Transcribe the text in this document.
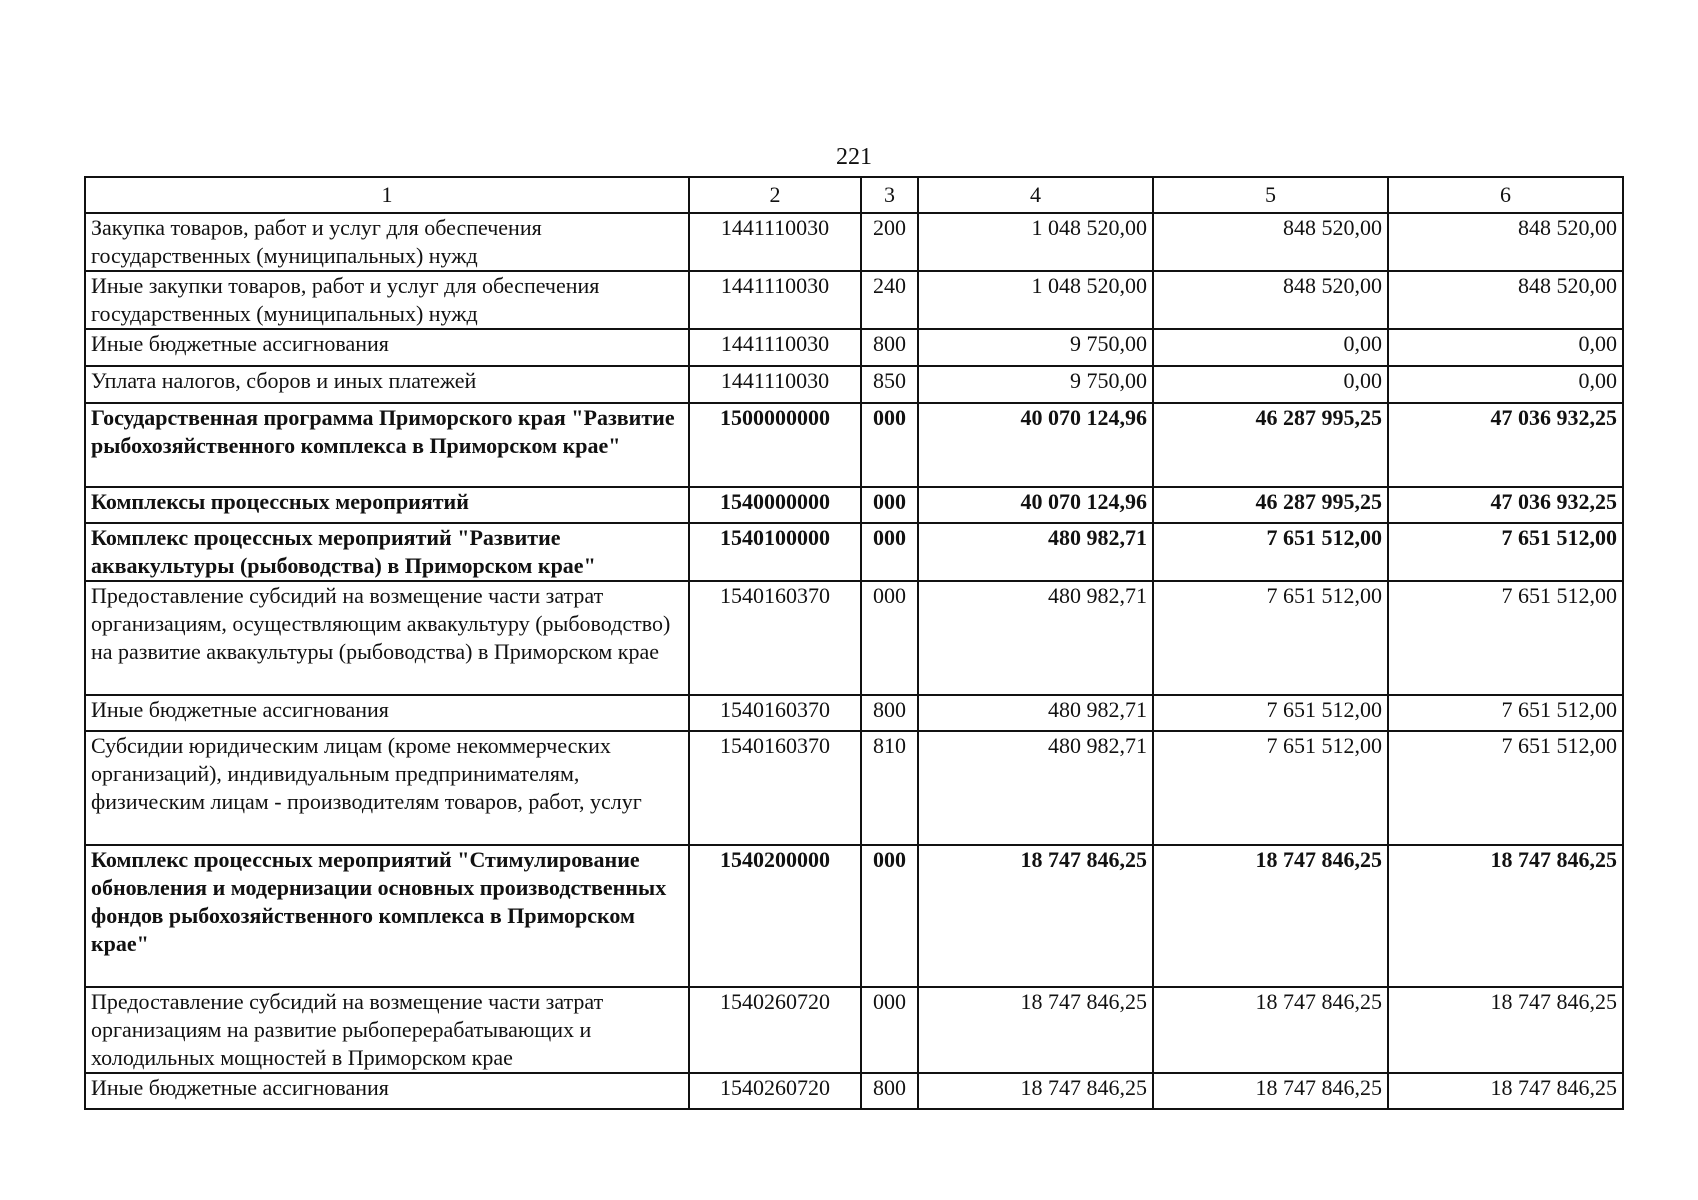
221
1	2	3	4	5	6
Закупка товаров, работ и услуг для обеспечения государственных (муниципальных) нужд	1441110030	200	1 048 520,00	848 520,00	848 520,00
Иные закупки товаров, работ и услуг для обеспечения государственных (муниципальных) нужд	1441110030	240	1 048 520,00	848 520,00	848 520,00
Иные бюджетные ассигнования	1441110030	800	9 750,00	0,00	0,00
Уплата налогов, сборов и иных платежей	1441110030	850	9 750,00	0,00	0,00
Государственная программа Приморского края "Развитие рыбохозяйственного комплекса в Приморском крае"	1500000000	000	40 070 124,96	46 287 995,25	47 036 932,25
Комплексы процессных мероприятий	1540000000	000	40 070 124,96	46 287 995,25	47 036 932,25
Комплекс процессных мероприятий "Развитие аквакультуры (рыбоводства) в Приморском крае"	1540100000	000	480 982,71	7 651 512,00	7 651 512,00
Предоставление субсидий на возмещение части затрат организациям, осуществляющим аквакультуру (рыбоводство) на развитие аквакультуры (рыбоводства) в Приморском крае	1540160370	000	480 982,71	7 651 512,00	7 651 512,00
Иные бюджетные ассигнования	1540160370	800	480 982,71	7 651 512,00	7 651 512,00
Субсидии юридическим лицам (кроме некоммерческих организаций), индивидуальным предпринимателям, физическим лицам - производителям товаров, работ, услуг	1540160370	810	480 982,71	7 651 512,00	7 651 512,00
Комплекс процессных мероприятий "Стимулирование обновления и модернизации основных производственных фондов рыбохозяйственного комплекса в Приморском крае"	1540200000	000	18 747 846,25	18 747 846,25	18 747 846,25
Предоставление субсидий на возмещение части затрат организациям на развитие рыбоперерабатывающих и холодильных мощностей в Приморском крае	1540260720	000	18 747 846,25	18 747 846,25	18 747 846,25
Иные бюджетные ассигнования	1540260720	800	18 747 846,25	18 747 846,25	18 747 846,25
